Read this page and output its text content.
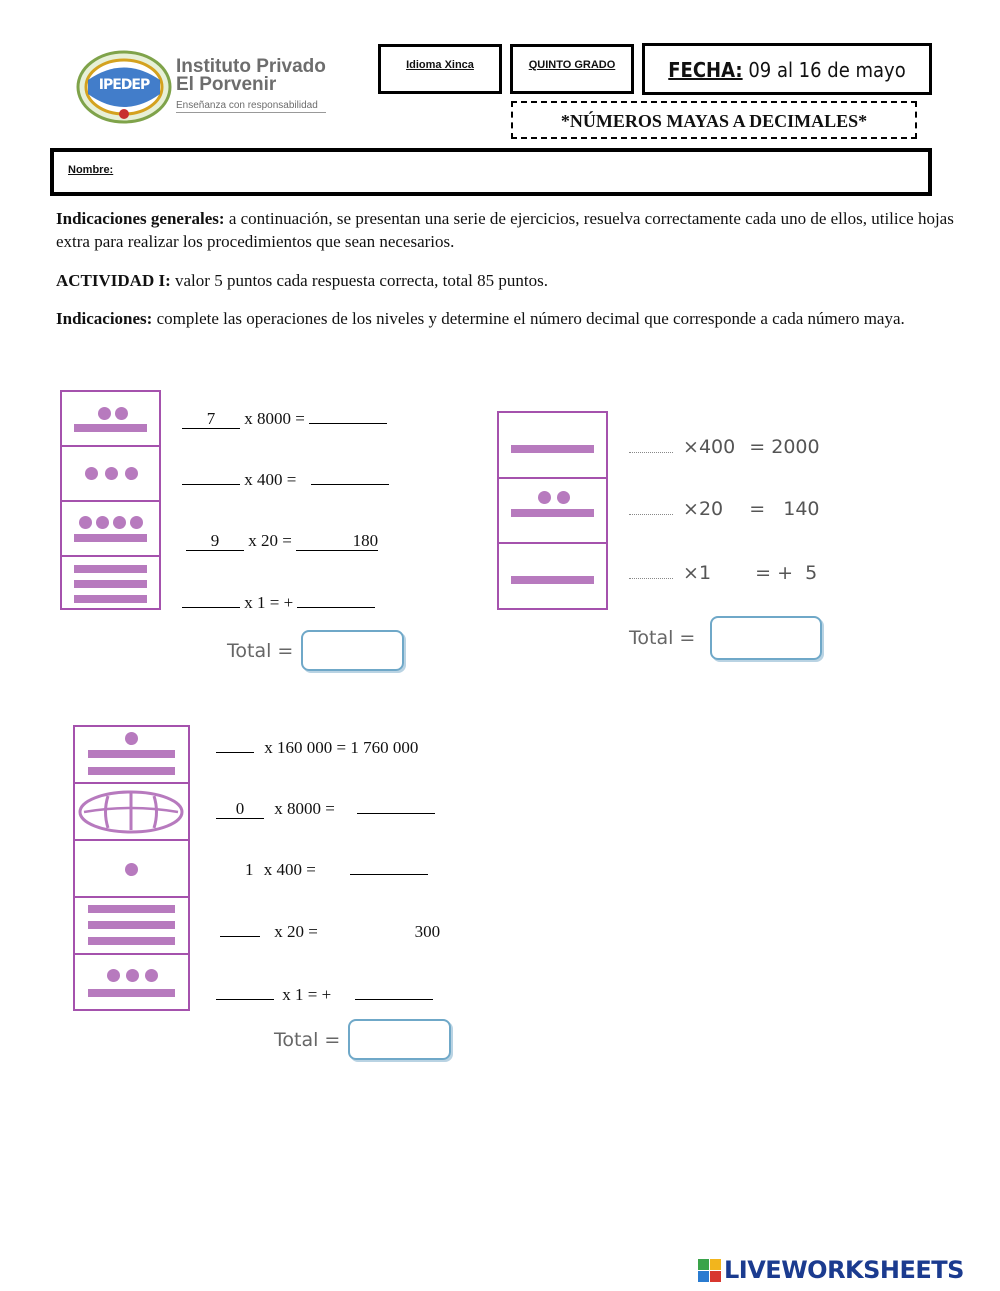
IPEDEP
Instituto Privado
El Porvenir
Enseñanza con responsabilidad
Idioma Xinca	QUINTO GRADO	FECHA: 09 al 16 de mayo
*NÚMEROS MAYAS A DECIMALES*
Nombre:
Indicaciones generales: a continuación, se presentan una serie de ejercicios, resuelva correctamente cada uno de ellos, utilice hojas extra para realizar los procedimientos que sean necesarios.
ACTIVIDAD I: valor 5 puntos cada respuesta correcta, total 85 puntos.
Indicaciones: complete las operaciones de los niveles y determine el número decimal que corresponde a cada número maya.
7 x 8000 =
x 400 =
9 x 20 =	180
x 1 = +
Total =
×400 = 2000
×20 =   140
×1 = +  5
Total =
x 160 000 = 1 760 000
0 x 8000 =
1 x 400 =
x 20 =	300
x 1 = +
Total =
LIVEWORKSHEETS
